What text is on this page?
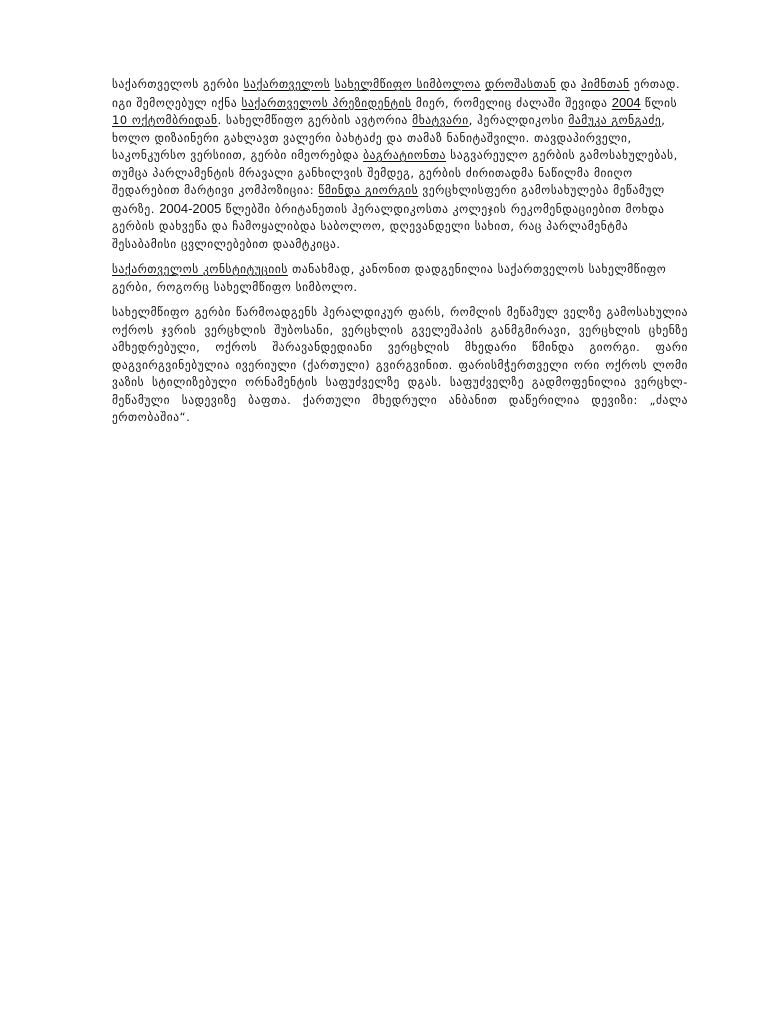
საქართველოს გერბი საქართველოს სახელმწიფო სიმბოლოა დროშასთან და ჰიმნთან ერთად. იგი შემოღებულ იქნა საქართველოს პრეზიდენტის მიერ, რომელიც ძალაში შევიდა 2004 წლის 10 ოქტომბრიდან. სახელმწიფო გერბის ავტორია მხატვარი, ჰერალდიკოსი მამუკა გონგაძე, ხოლო დიზაინერი გახლავთ ვალერი ბახტაძე და თამაზ ნანიტაშვილი. თავდაპირველი, საკონკურსო ვერსიით, გერბი იმეორებდა ბაგრატიონთა საგვარეულო გერბის გამოსახულებას, თუმცა პარლამენტის მრავალი განხილვის შემდეგ, გერბის ძირითადმა ნაწილმა მიიღო შედარებით მარტივი კომპოზიცია: წმინდა გიორგის ვერცხლისფერი გამოსახულება მეწამულ ფარზე. 2004-2005 წლებში ბრიტანეთის ჰერალდიკოსთა კოლეჯის რეკომენდაციებით მოხდა გერბის დახვეწა და ჩამოყალიბდა საბოლოო, დღევანდელი სახით, რაც პარლამენტმა შესაბამისი ცვლილებებით დაამტკიცა.

საქართველოს კონსტიტუციის თანახმად, კანონით დადგენილია საქართველოს სახელმწიფო გერბი, როგორც სახელმწიფო სიმბოლო.

სახელმწიფო გერბი წარმოადგენს ჰერალდიკურ ფარს, რომლის მეწამულ ველზე გამოსახულია ოქროს ჯვრის ვერცხლის შუბოსანი, ვერცხლის გველეშაპის განმგმირავი, ვერცხლის ცხენზე ამხედრებული, ოქროს შარავანდედიანი ვერცხლის მხედარი წმინდა გიორგი. ფარი დაგვირგვინებულია ივერიული (ქართული) გვირგვინით. ფარისმჭერთველი ორი ოქროს ლომი ვაზის სტილიზებული ორნამენტის საფუძველზე დგას. საფუძველზე გადმოფენილია ვერცხლ-მეწამული სადევიზე ბაფთა. ქართული მხედრული ანბანით დაწერილია დევიზი: „ძალა ერთობაშია“.
